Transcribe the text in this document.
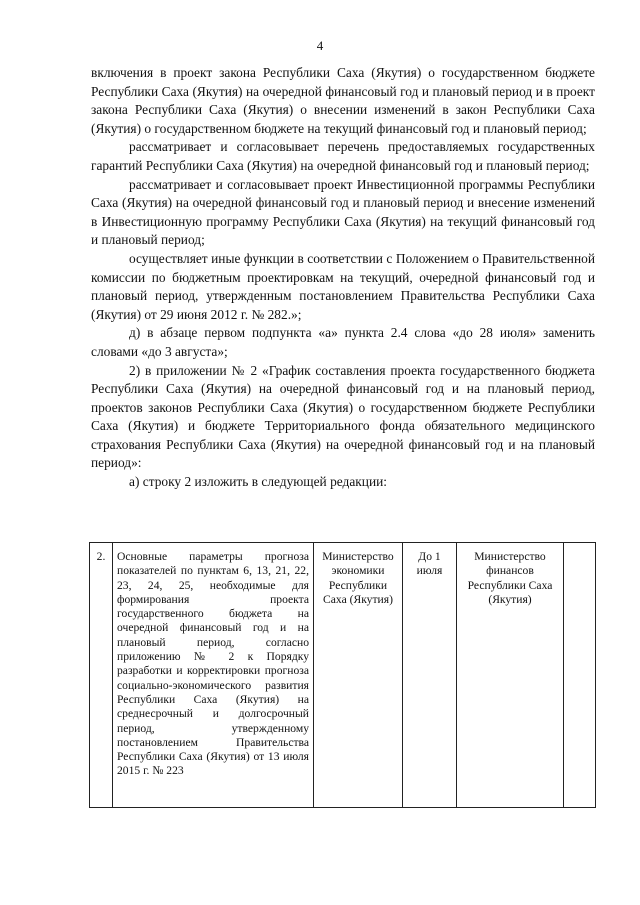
4

включения в проект закона Республики Саха (Якутия) о государственном бюджете Республики Саха (Якутия) на очередной финансовый год и плановый период и в проект закона Республики Саха (Якутия) о внесении изменений в закон Республики Саха (Якутия) о государственном бюджете на текущий финансовый год и плановый период;

рассматривает и согласовывает перечень предоставляемых государственных гарантий Республики Саха (Якутия) на очередной финансовый год и плановый период;

рассматривает и согласовывает проект Инвестиционной программы Республики Саха (Якутия) на очередной финансовый год и плановый период и внесение изменений в Инвестиционную программу Республики Саха (Якутия) на текущий финансовый год и плановый период;

осуществляет иные функции в соответствии с Положением о Правительственной комиссии по бюджетным проектировкам на текущий, очередной финансовый год и плановый период, утвержденным постановлением Правительства Республики Саха (Якутия) от 29 июня 2012 г. № 282.»;

д) в абзаце первом подпункта «а» пункта 2.4 слова «до 28 июля» заменить словами «до 3 августа»;

2) в приложении № 2 «График составления проекта государственного бюджета Республики Саха (Якутия) на очередной финансовый год и на плановый период, проектов законов Республики Саха (Якутия) о государственном бюджете Республики Саха (Якутия) и бюджете Территориального фонда обязательного медицинского страхования Республики Саха (Якутия) на очередной финансовый год и на плановый период»:

а) строку 2 изложить в следующей редакции:

2.	Основные параметры прогноза показателей по пунктам 6, 13, 21, 22, 23, 24, 25, необходимые для формирования проекта государственного бюджета на очередной финансовый год и на плановый период, согласно приложению № 2 к Порядку разработки и корректировки прогноза социально-экономического развития Республики Саха (Якутия) на среднесрочный и долгосрочный период, утвержденному постановлением Правительства Республики Саха (Якутия) от 13 июля 2015 г. № 223	Министерство экономики Республики Саха (Якутия)	До 1 июля	Министерство финансов Республики Саха (Якутия)	
